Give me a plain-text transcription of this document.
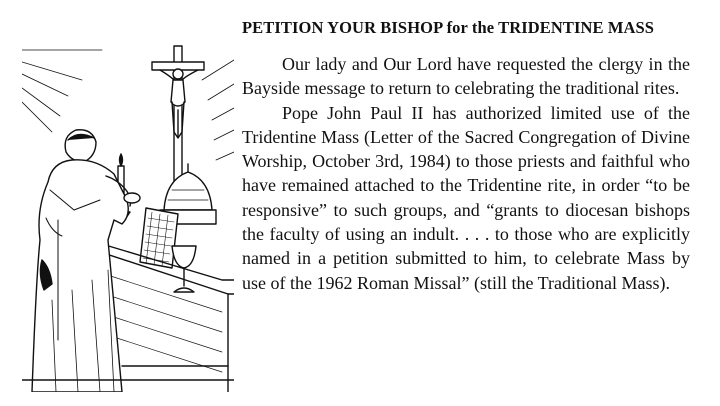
PETITION YOUR BISHOP for the TRIDENTINE MASS

Our lady and Our Lord have requested the clergy in the Bayside message to return to celebrating the traditional rites.

Pope John Paul II has authorized limited use of the Tridentine Mass (Letter of the Sacred Congregation of Divine Worship, October 3rd, 1984) to those priests and faithful who have remained attached to the Tridentine rite, in order “to be responsive” to such groups, and “grants to diocesan bishops the faculty of using an indult. . . . to those who are explicitly named in a petition submitted to him, to celebrate Mass by use of the 1962 Roman Missal” (still the Traditional Mass).
